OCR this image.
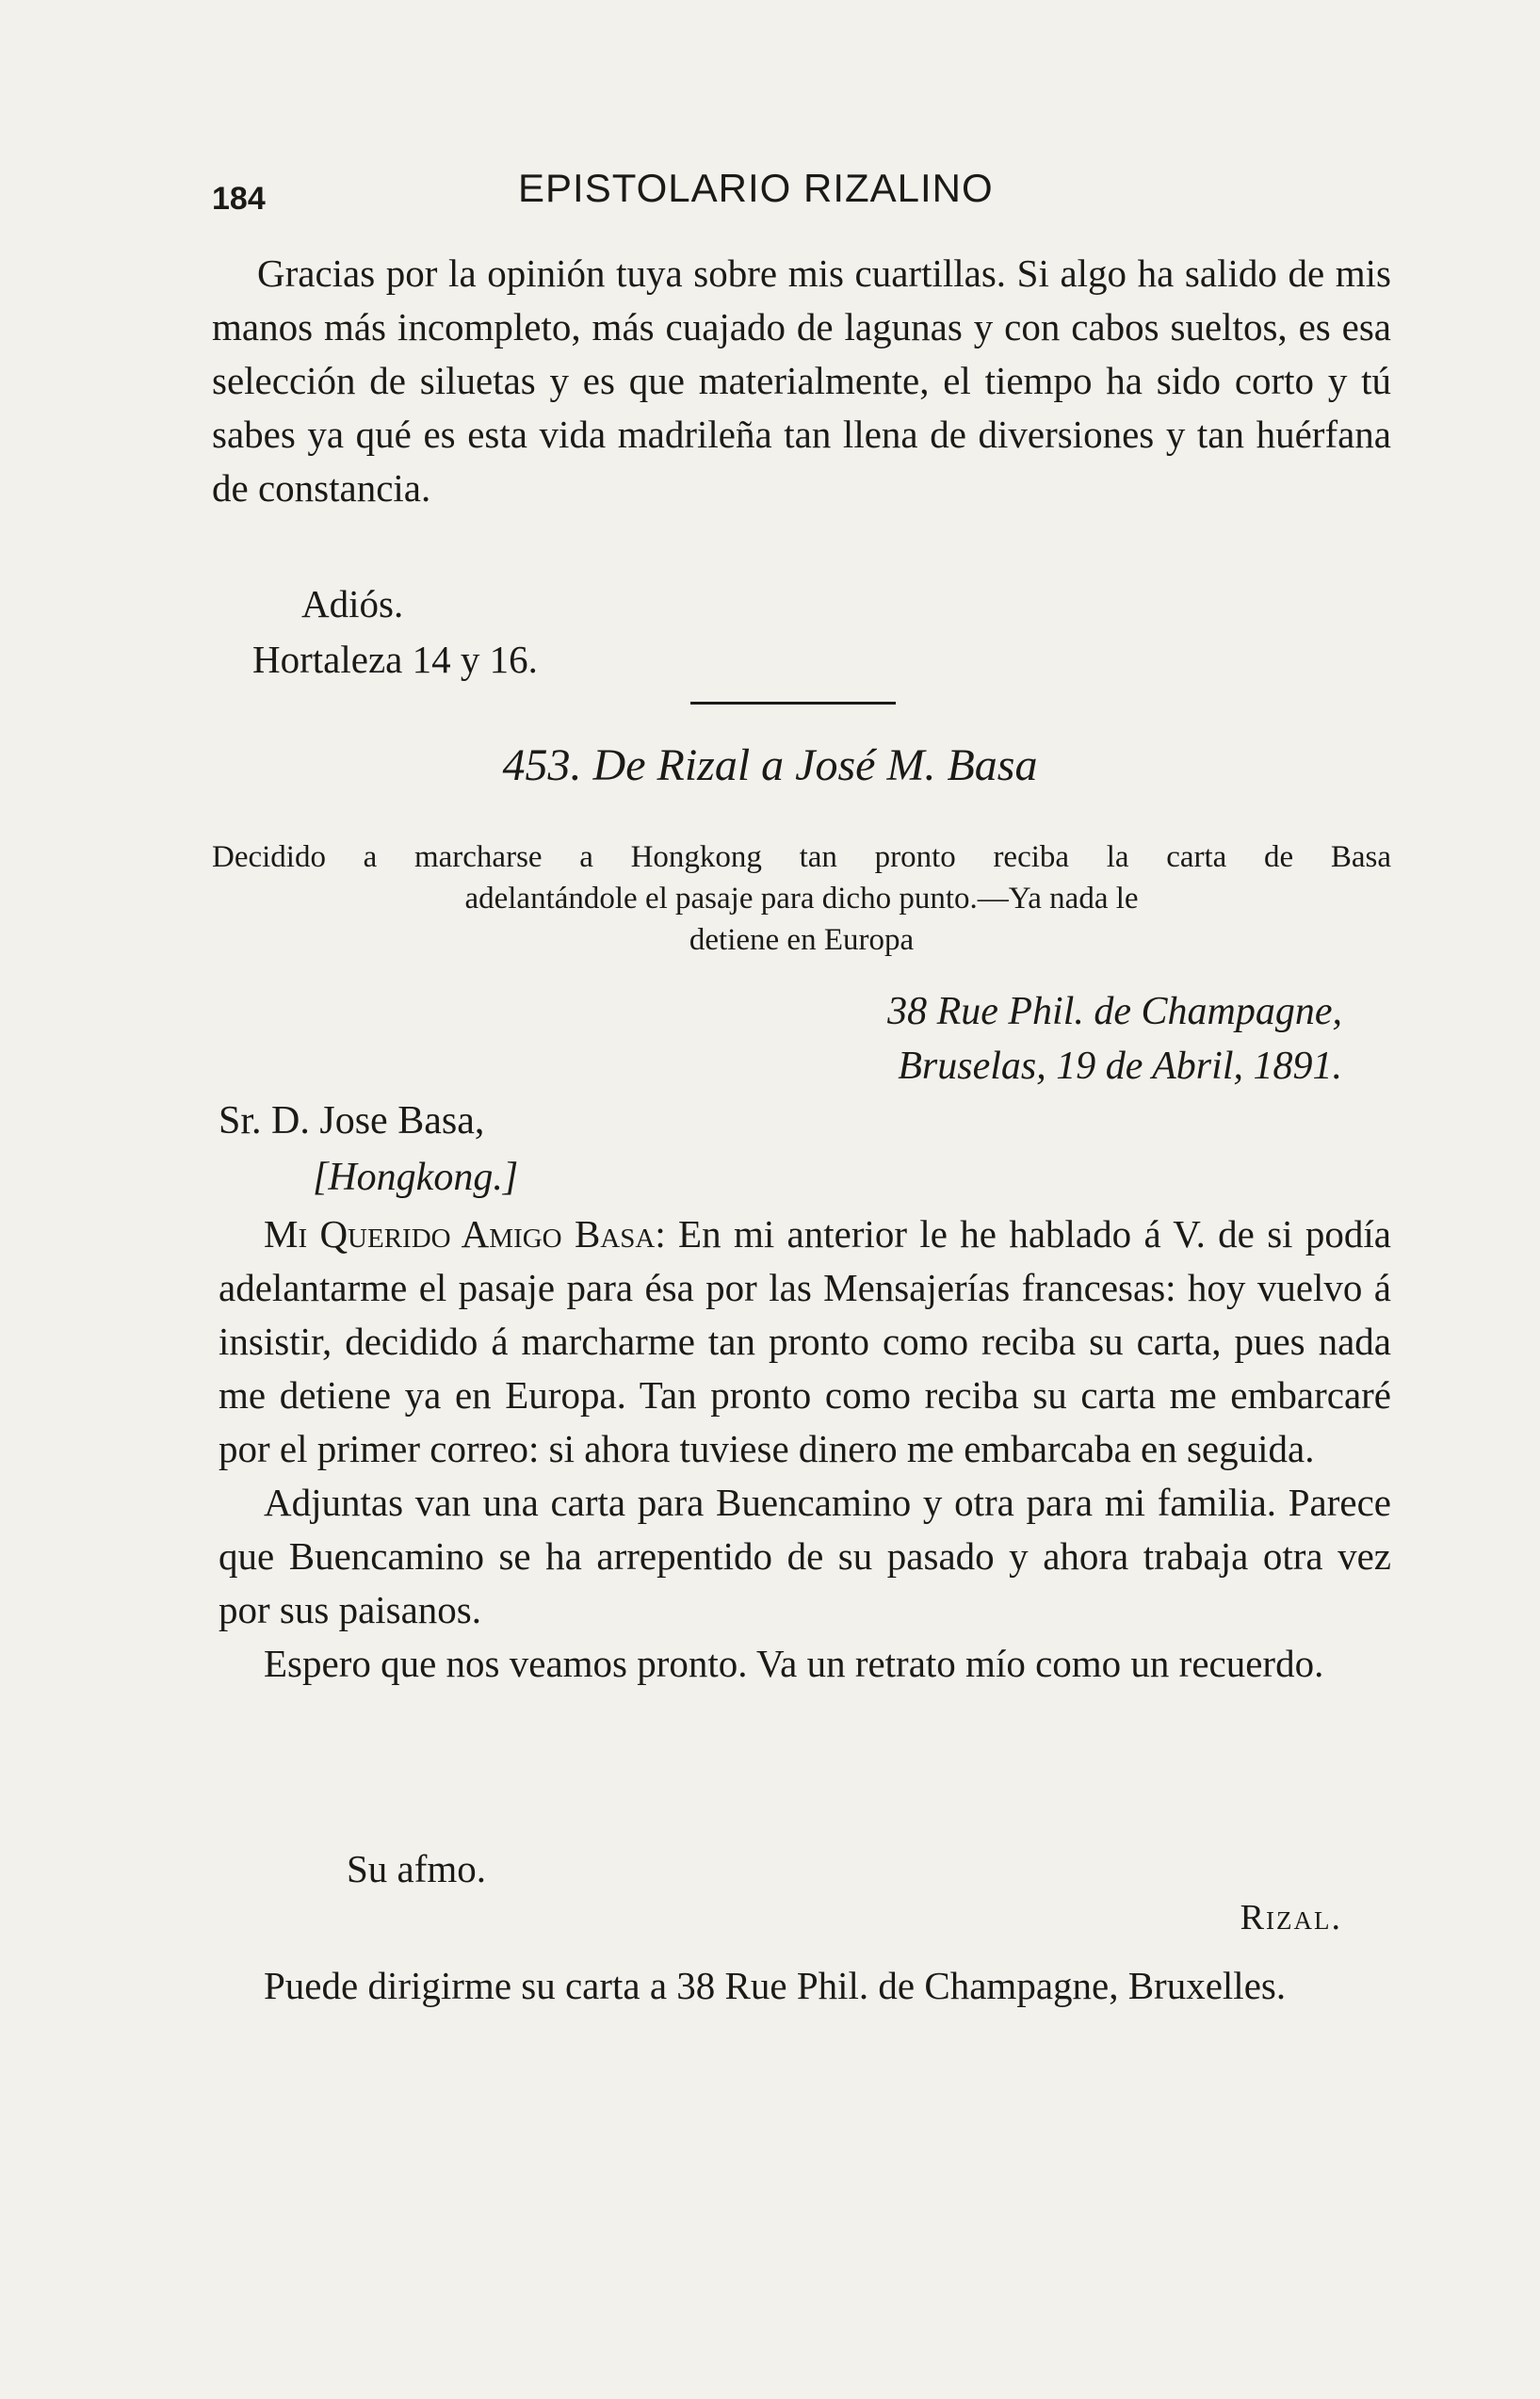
184	EPISTOLARIO RIZALINO

Gracias por la opinión tuya sobre mis cuartillas. Si algo ha salido de mis manos más incompleto, más cuajado de lagunas y con cabos sueltos, es esa selección de siluetas y es que materialmente, el tiempo ha sido corto y tú sabes ya qué es esta vida madrileña tan llena de diversiones y tan huérfana de constancia.

Adiós.
Hortaleza 14 y 16.
453. De Rizal a José M. Basa
Decidido a marcharse a Hongkong tan pronto reciba la carta de Basa
adelantándole el pasaje para dicho punto.—Ya nada le
detiene en Europa
38 Rue Phil. de Champagne,
Bruselas, 19 de Abril, 1891.
Sr. D. Jose Basa,
[Hongkong.]

Mi Querido Amigo Basa: En mi anterior le he hablado á V. de si podía adelantarme el pasaje para ésa por las Mensajerías francesas: hoy vuelvo á insistir, decidido á marcharme tan pronto como reciba su carta, pues nada me detiene ya en Europa. Tan pronto como reciba su carta me embarcaré por el primer correo: si ahora tuviese dinero me embarcaba en seguida.

Adjuntas van una carta para Buencamino y otra para mi familia. Parece que Buencamino se ha arrepentido de su pasado y ahora trabaja otra vez por sus paisanos.

Espero que nos veamos pronto. Va un retrato mío como un recuerdo.

Su afmo.
Rizal.

Puede dirigirme su carta a 38 Rue Phil. de Champagne, Bruxelles.
